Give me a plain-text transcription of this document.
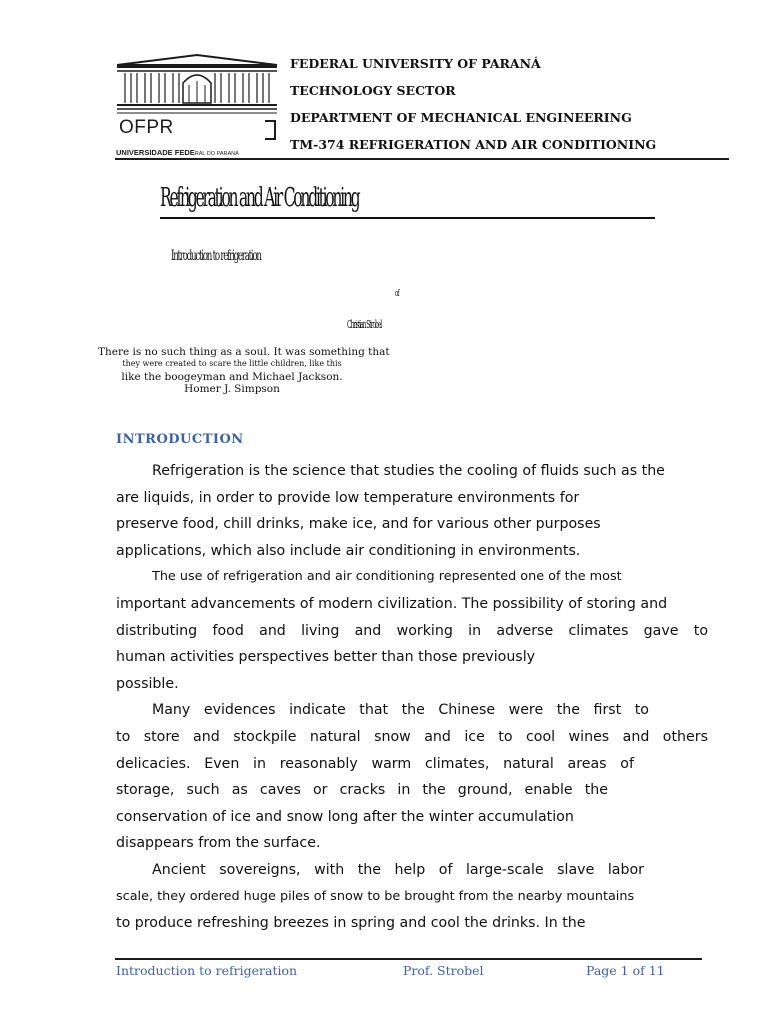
OFPR
UNIVERSIDADE FEDERAL DO PARANÁ
FEDERAL UNIVERSITY OF PARANÁ
TECHNOLOGY SECTOR
DEPARTMENT OF MECHANICAL ENGINEERING
TM-374 REFRIGERATION AND AIR CONDITIONING
Refrigeration and Air Conditioning
Introduction to refrigeration
of
Christian Strobel
There is no such thing as a soul. It was something that
they were created to scare the little children, like this
like the boogeyman and Michael Jackson.
Homer J. Simpson
INTRODUCTION
Refrigeration is the science that studies the cooling of fluids such as the
are liquids, in order to provide low temperature environments for
preserve food, chill drinks, make ice, and for various other purposes
applications, which also include air conditioning in environments.
The use of refrigeration and air conditioning represented one of the most
important advancements of modern civilization. The possibility of storing and
distributing food and living and working in adverse climates gave to
human activities perspectives better than those previously
possible.
Many evidences indicate that the Chinese were the first to
to store and stockpile natural snow and ice to cool wines and others
delicacies. Even in reasonably warm climates, natural areas of
storage, such as caves or cracks in the ground, enable the
conservation of ice and snow long after the winter accumulation
disappears from the surface.
Ancient sovereigns, with the help of large-scale slave labor
scale, they ordered huge piles of snow to be brought from the nearby mountains
to produce refreshing breezes in spring and cool the drinks. In the
Introduction to refrigeration	Prof. Strobel	Page 1 of 11
